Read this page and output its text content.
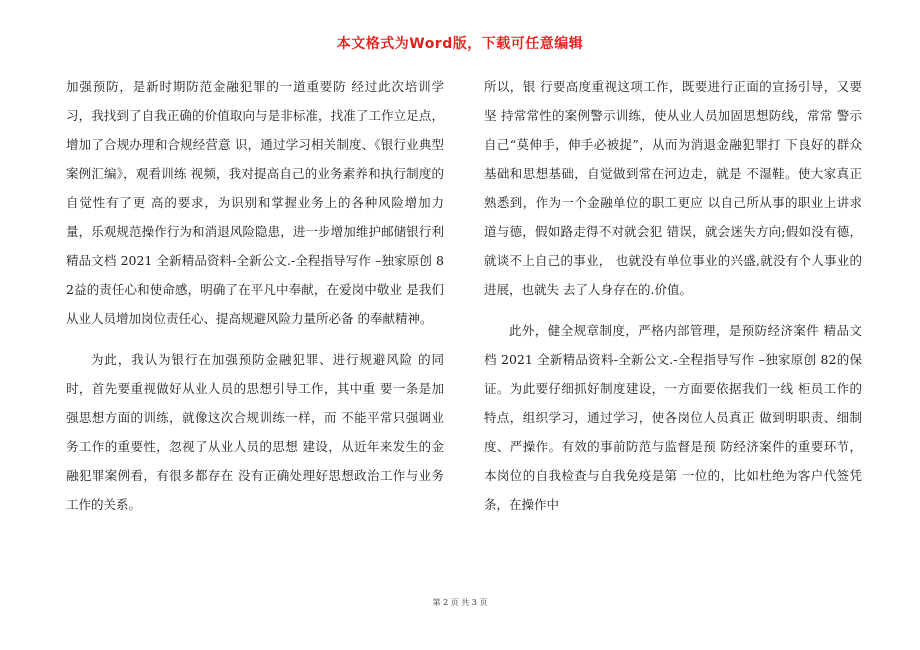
本文格式为Word版，下载可任意编辑

加强预防，是新时期防范金融犯罪的一道重要防 经过此次培训学习，我找到了自我正确的价值取向与是非标准，找准了工作立足点，增加了合规办理和合规经营意 识，通过学习相关制度、《银行业典型案例汇编》，观看训练 视频，我对提高自己的业务素养和执行制度的自觉性有了更 高的要求，为识别和掌握业务上的各种风险增加力量，乐观规范操作行为和消退风险隐患，进一步增加维护邮储银行利 精品文档 2021 全新精品资料-全新公文.-全程指导写作 –独家原创 82益的责任心和使命感，明确了在平凡中奉献，在爱岗中敬业 是我们从业人员增加岗位责任心、提高规避风险力量所必备 的奉献精神。

为此，我认为银行在加强预防金融犯罪、进行规避风险 的同时，首先要重视做好从业人员的思想引导工作，其中重 要一条是加强思想方面的训练，就像这次合规训练一样，而 不能平常只强调业务工作的重要性，忽视了从业人员的思想 建设，从近年来发生的金融犯罪案例看，有很多都存在 没有正确处理好思想政治工作与业务工作的关系。

所以，银 行要高度重视这项工作，既要进行正面的宣扬引导，又要坚 持常常性的案例警示训练，使从业人员加固思想防线，常常 警示自己“莫伸手，伸手必被捉”，从而为消退金融犯罪打 下良好的群众基础和思想基础，自觉做到常在河边走，就是 不湿鞋。使大家真正熟悉到，作为一个金融单位的职工更应 以自己所从事的职业上讲求道与德，假如路走得不对就会犯 错误，就会迷失方向;假如没有德，就谈不上自己的事业， 也就没有单位事业的兴盛,就没有个人事业的进展，也就失 去了人身存在的.价值。

此外，健全规章制度，严格内部管理，是预防经济案件 精品文档 2021 全新精品资料-全新公文.-全程指导写作 –独家原创 82的保证。为此要仔细抓好制度建设，一方面要依据我们一线 柜员工作的特点，组织学习，通过学习，使各岗位人员真正 做到明职责、细制度、严操作。有效的事前防范与监督是预 防经济案件的重要环节，本岗位的自我检查与自我免疫是第 一位的，比如杜绝为客户代签凭条，在操作中

第 2 页 共 3 页
